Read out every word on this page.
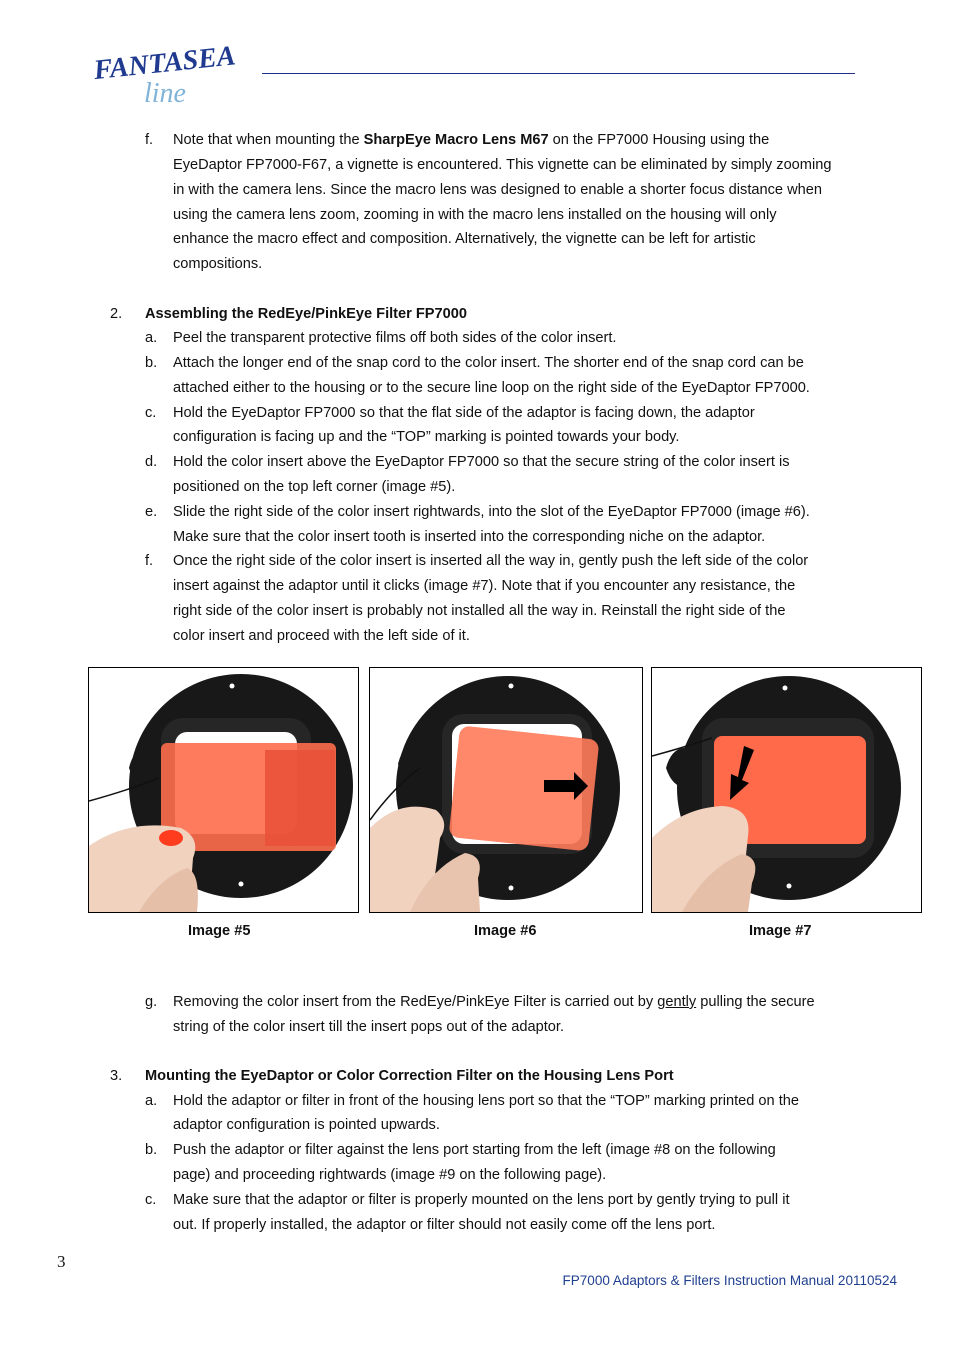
FANTASEA
line
f. Note that when mounting the SharpEye Macro Lens M67 on the FP7000 Housing using the
EyeDaptor FP7000-F67, a vignette is encountered. This vignette can be eliminated by simply zooming
in with the camera lens. Since the macro lens was designed to enable a shorter focus distance when
using the camera lens zoom, zooming in with the macro lens installed on the housing will only
enhance the macro effect and composition. Alternatively, the vignette can be left for artistic
compositions.
2. Assembling the RedEye/PinkEye Filter FP7000
a. Peel the transparent protective films off both sides of the color insert.
b. Attach the longer end of the snap cord to the color insert. The shorter end of the snap cord can be
attached either to the housing or to the secure line loop on the right side of the EyeDaptor FP7000.
c. Hold the EyeDaptor FP7000 so that the flat side of the adaptor is facing down, the adaptor
configuration is facing up and the “TOP” marking is pointed towards your body.
d. Hold the color insert above the EyeDaptor FP7000 so that the secure string of the color insert is
positioned on the top left corner (image #5).
e. Slide the right side of the color insert rightwards, into the slot of the EyeDaptor FP7000 (image #6).
Make sure that the color insert tooth is inserted into the corresponding niche on the adaptor.
f. Once the right side of the color insert is inserted all the way in, gently push the left side of the color
insert against the adaptor until it clicks (image #7). Note that if you encounter any resistance, the
right side of the color insert is probably not installed all the way in. Reinstall the right side of the
color insert and proceed with the left side of it.
Image #5	Image #6	Image #7
g. Removing the color insert from the RedEye/PinkEye Filter is carried out by gently pulling the secure
string of the color insert till the insert pops out of the adaptor.
3. Mounting the EyeDaptor or Color Correction Filter on the Housing Lens Port
a. Hold the adaptor or filter in front of the housing lens port so that the “TOP” marking printed on the
adaptor configuration is pointed upwards.
b. Push the adaptor or filter against the lens port starting from the left (image #8 on the following
page) and proceeding rightwards (image #9 on the following page).
c. Make sure that the adaptor or filter is properly mounted on the lens port by gently trying to pull it
out. If properly installed, the adaptor or filter should not easily come off the lens port.
3
FP7000 Adaptors & Filters Instruction Manual 20110524
